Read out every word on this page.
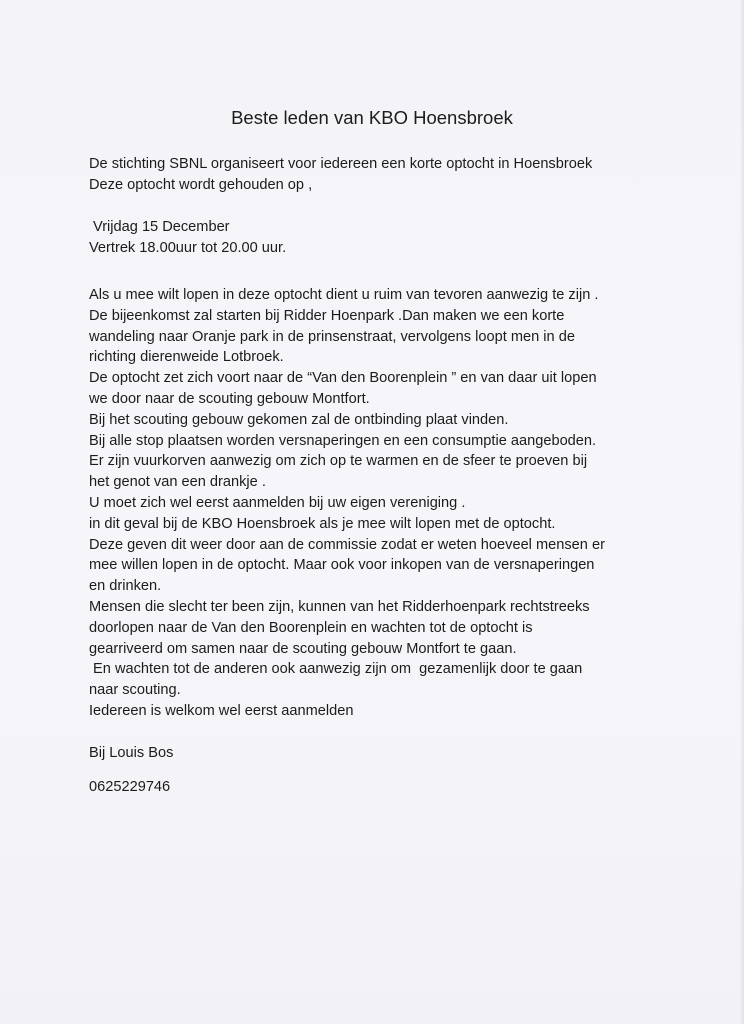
Beste leden van KBO Hoensbroek
De stichting SBNL organiseert voor iedereen een korte optocht in Hoensbroek
Deze optocht wordt gehouden op ,
Vrijdag 15 December
Vertrek 18.00uur tot 20.00 uur.
Als u mee wilt lopen in deze optocht dient u ruim van tevoren aanwezig te zijn .
De bijeenkomst zal starten bij Ridder Hoenpark .Dan maken we een korte
wandeling naar Oranje park in de prinsenstraat, vervolgens loopt men in de
richting dierenweide Lotbroek.
De optocht zet zich voort naar de “Van den Boorenplein ” en van daar uit lopen
we door naar de scouting gebouw Montfort.
Bij het scouting gebouw gekomen zal de ontbinding plaat vinden.
Bij alle stop plaatsen worden versnaperingen en een consumptie aangeboden.
Er zijn vuurkorven aanwezig om zich op te warmen en de sfeer te proeven bij
het genot van een drankje .
U moet zich wel eerst aanmelden bij uw eigen vereniging .
in dit geval bij de KBO Hoensbroek als je mee wilt lopen met de optocht.
Deze geven dit weer door aan de commissie zodat er weten hoeveel mensen er
mee willen lopen in de optocht. Maar ook voor inkopen van de versnaperingen
en drinken.
Mensen die slecht ter been zijn, kunnen van het Ridderhoenpark rechtstreeks
doorlopen naar de Van den Boorenplein en wachten tot de optocht is
gearriveerd om samen naar de scouting gebouw Montfort te gaan.
En wachten tot de anderen ook aanwezig zijn om  gezamenlijk door te gaan
naar scouting.
Iedereen is welkom wel eerst aanmelden
Bij Louis Bos
0625229746
